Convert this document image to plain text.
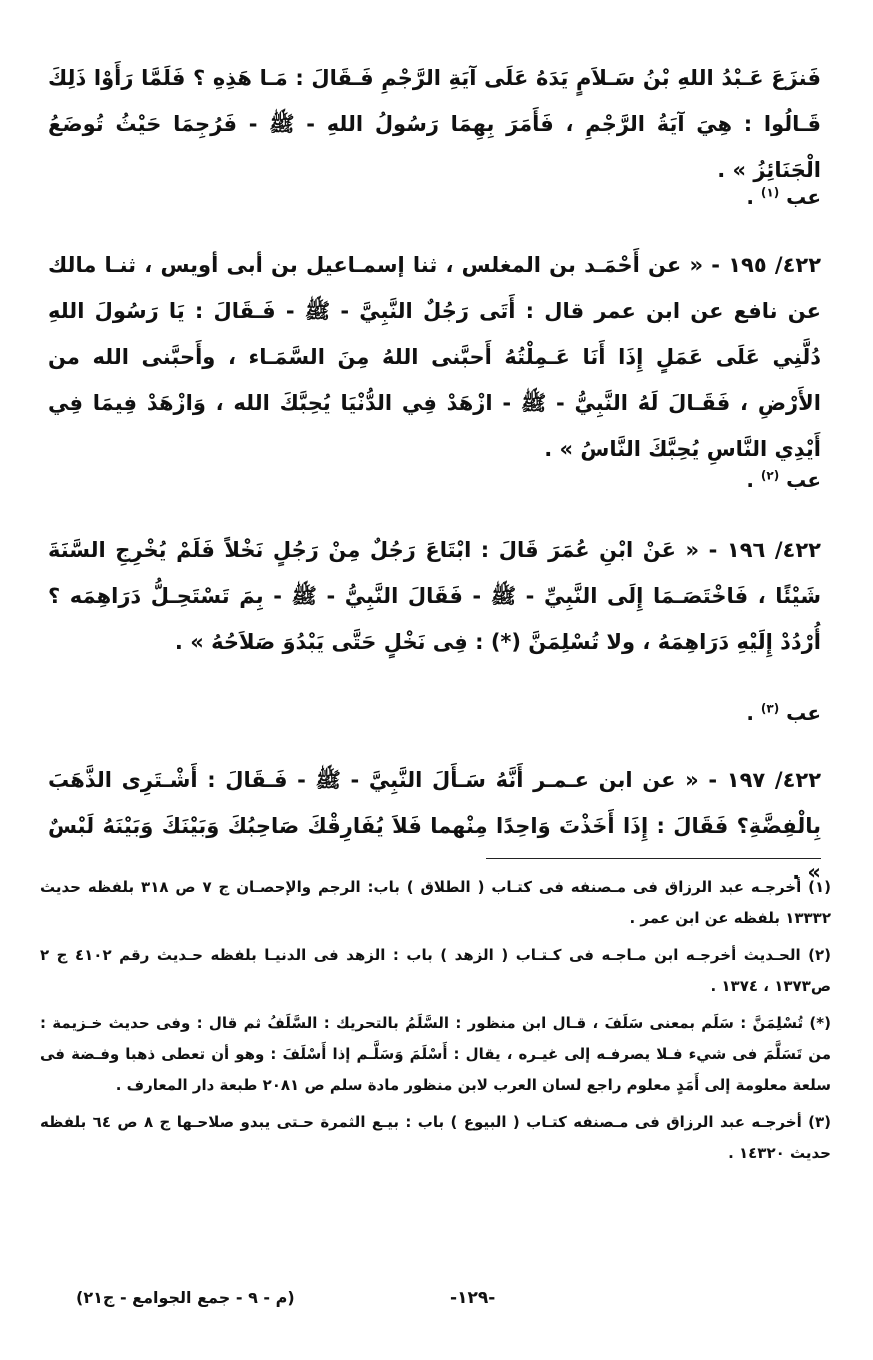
فَنزَعَ عَـبْدُ اللهِ بْنُ سَـلاَمٍ يَدَهُ عَلَى آيَةِ الرَّجْمِ فَـقَالَ : مَـا هَذِهِ ؟ فَلَمَّا رَأَوْا ذَلِكَ قَـالُوا : هِيَ آيَةُ الرَّجْمِ ، فَأَمَرَ بِهِمَا رَسُولُ اللهِ - ﷺ - فَرُجِمَا حَيْثُ تُوضَعُ الْجَنَائِزُ » .
عب $^{(١)}$ .
٤٢٢/ ١٩٥ - « عن أَحْمَـد بن المغلس ، ثنا إسمـاعيل بن أبى أويس ، ثنـا مالك عن نافع عن ابن عمر قال : أَتَى رَجُلٌ النَّبِيَّ - ﷺ - فَـقَالَ : يَا رَسُولَ اللهِ دُلَّنِي عَلَى عَمَلٍ إِذَا أَنَا عَـمِلْتُهُ أَحبَّنى اللهُ مِنَ السَّمَـاء ، وأَحبَّنى الله من الأَرْضِ ، فَقَـالَ لَهُ النَّبِيُّ - ﷺ - ازْهَدْ فِي الدُّنْيَا يُحِبَّكَ الله ، وَازْهَدْ فِيمَا فِي أَيْدِي النَّاسِ يُحِبَّكَ النَّاسُ » .
عب $^{(٢)}$ .
٤٢٢/ ١٩٦ - « عَنْ ابْنِ عُمَرَ قَالَ : ابْتَاعَ رَجُلٌ مِنْ رَجُلٍ نَخْلاً فَلَمْ يُخْرِجِ السَّنَةَ شَيْئًا ، فَاخْتَصَـمَا إِلَى النَّبِيِّ - ﷺ - فَقَالَ النَّبِيُّ - ﷺ - بِمَ تَسْتَحِـلُّ دَرَاهِمَه ؟ أُرْدُدْ إِلَيْهِ دَرَاهِمَهُ ، ولا تُسْلِمَنَّ (*) : فِى نَخْلٍ حَتَّى يَبْدُوَ صَلاَحُهُ » .
عب $^{(٣)}$ .
٤٢٢/ ١٩٧ - « عن ابن عـمـر أَنَّهُ سَـأَلَ النَّبِيَّ - ﷺ - فَـقَالَ : أَشْـتَرِى الذَّهَبَ بِالْفِضَّةِ؟ فَقَالَ : إِذَا أَخَذْتَ وَاحِدًا مِنْهما فَلاَ يُفَارِقْكَ صَاحِبُكَ وَبَيْنَكَ وَبَيْنَهُ لَبْسٌ » .
(١) أخرجـه عبد الرزاق فى مـصنفه فى كتـاب ( الطلاق ) باب: الرجم والإحصـان ج ٧ ص ٣١٨ بلفظه حديث ١٣٣٣٢ بلفظه عن ابن عمر .
(٢) الحـديث أخرجـه ابن مـاجـه فى كـتـاب ( الزهد ) باب : الزهد فى الدنيـا بلفظه حـديث رقم ٤١٠٢ ج ٢ ص١٣٧٣ ، ١٣٧٤ .
(*) تُسْلِمَنَّ : سَلَم بمعنى سَلَفَ ، قـال ابن منظور : السَّلَمُ بالتحريك : السَّلَفُ ثم قال : وفى حديث خـزيمة : من تَسَلَّمَ فى شيء فـلا يصرفـه إلى غيـره ، يقال : أَسْلَمَ وَسَلَّـم إذا أَسْلَفَ : وهو أن تعطى ذهبا وفـضة فى سلعة معلومة إلى أَمَدٍ معلوم راجع لسان العرب لابن منظور مادة سلم ص ٢٠٨١ طبعة دار المعارف .
(٣) أخرجـه عبد الرزاق فى مـصنفه كتـاب ( البيوع ) باب : بيـع الثمرة حـتى يبدو صلاحـها ج ٨ ص ٦٤ بلفظه حديث ١٤٣٢٠ .
-١٢٩-
(م - ٩ - جمع الجوامع - ج٢١)
